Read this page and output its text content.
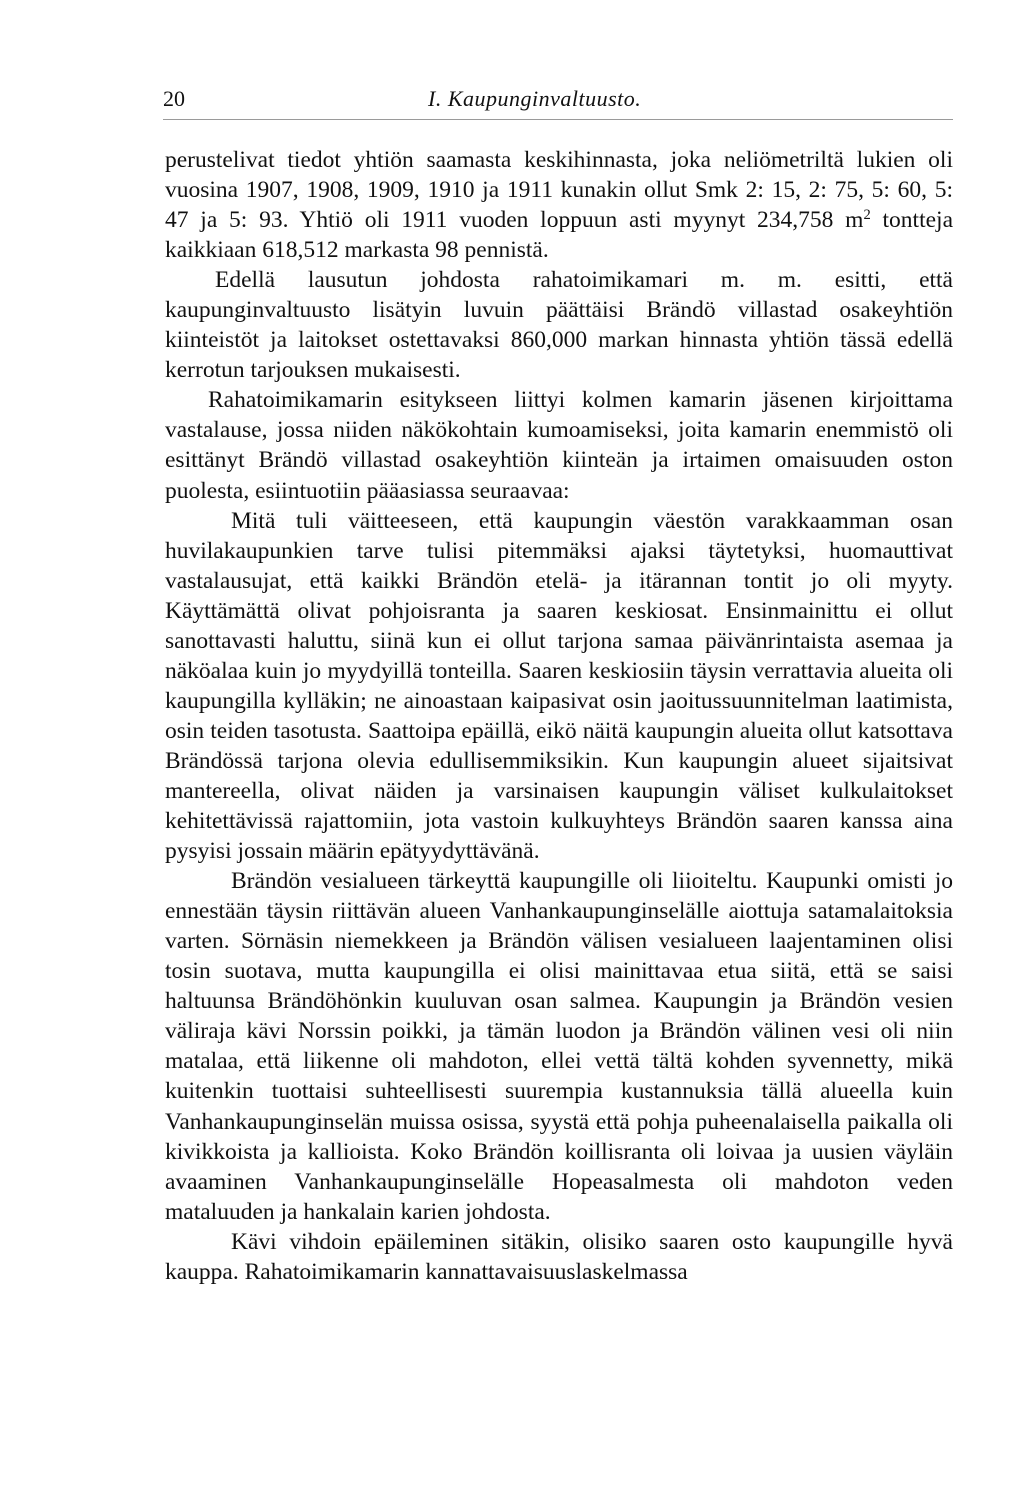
20	I. Kaupunginvaltuusto.

perustelivat tiedot yhtiön saamasta keskihinnasta, joka neliömetriltä lukien oli vuosina 1907, 1908, 1909, 1910 ja 1911 kunakin ollut Smk 2: 15, 2: 75, 5: 60, 5: 47 ja 5: 93. Yhtiö oli 1911 vuoden loppuun asti myynyt 234,758 $m^2$ tontteja kaikkiaan 618,512 markasta 98 pennistä.

Edellä lausutun johdosta rahatoimikamari m. m. esitti, että kaupunginvaltuusto lisätyin luvuin päättäisi Brändö villastad osakeyhtiön kiinteistöt ja laitokset ostettavaksi 860,000 markan hinnasta yhtiön tässä edellä kerrotun tarjouksen mukaisesti.

Rahatoimikamarin esitykseen liittyi kolmen kamarin jäsenen kirjoittama vastalause, jossa niiden näkökohtain kumoamiseksi, joita kamarin enemmistö oli esittänyt Brändö villastad osakeyhtiön kiinteän ja irtaimen omaisuuden oston puolesta, esiintuotiin pääasiassa seuraavaa:

Mitä tuli väitteeseen, että kaupungin väestön varakkaamman osan huvilakaupunkien tarve tulisi pitemmäksi ajaksi täytetyksi, huomauttivat vastalausujat, että kaikki Brändön etelä- ja itärannan tontit jo oli myyty. Käyttämättä olivat pohjoisranta ja saaren keskiosat. Ensinmainittu ei ollut sanottavasti haluttu, siinä kun ei ollut tarjona samaa päivänrintaista asemaa ja näköalaa kuin jo myydyillä tonteilla. Saaren keskiosiin täysin verrattavia alueita oli kaupungilla kylläkin; ne ainoastaan kaipasivat osin jaoitussuunnitelman laatimista, osin teiden tasotusta. Saattoipa epäillä, eikö näitä kaupungin alueita ollut katsottava Brändössä tarjona olevia edullisemmiksikin. Kun kaupungin alueet sijaitsivat mantereella, olivat näiden ja varsinaisen kaupungin väliset kulkulaitokset kehitettävissä rajattomiin, jota vastoin kulkuyhteys Brändön saaren kanssa aina pysyisi jossain määrin epätyydyttävänä.

Brändön vesialueen tärkeyttä kaupungille oli liioiteltu. Kaupunki omisti jo ennestään täysin riittävän alueen Vanhankaupunginselälle aiottuja satamalaitoksia varten. Sörnäsin niemekkeen ja Brändön välisen vesialueen laajentaminen olisi tosin suotava, mutta kaupungilla ei olisi mainittavaa etua siitä, että se saisi haltuunsa Brändöhönkin kuuluvan osan salmea. Kaupungin ja Brändön vesien väliraja kävi Norssin poikki, ja tämän luodon ja Brändön välinen vesi oli niin matalaa, että liikenne oli mahdoton, ellei vettä tältä kohden syvennetty, mikä kuitenkin tuottaisi suhteellisesti suurempia kustannuksia tällä alueella kuin Vanhankaupunginselän muissa osissa, syystä että pohja puheenalaisella paikalla oli kivikkoista ja kallioista. Koko Brändön koillisranta oli loivaa ja uusien väyläin avaaminen Vanhankaupunginselälle Hopeasalmesta oli mahdoton veden mataluuden ja hankalain karien johdosta.

Kävi vihdoin epäileminen sitäkin, olisiko saaren osto kaupungille hyvä kauppa. Rahatoimikamarin kannattavaisuuslaskelmassa
